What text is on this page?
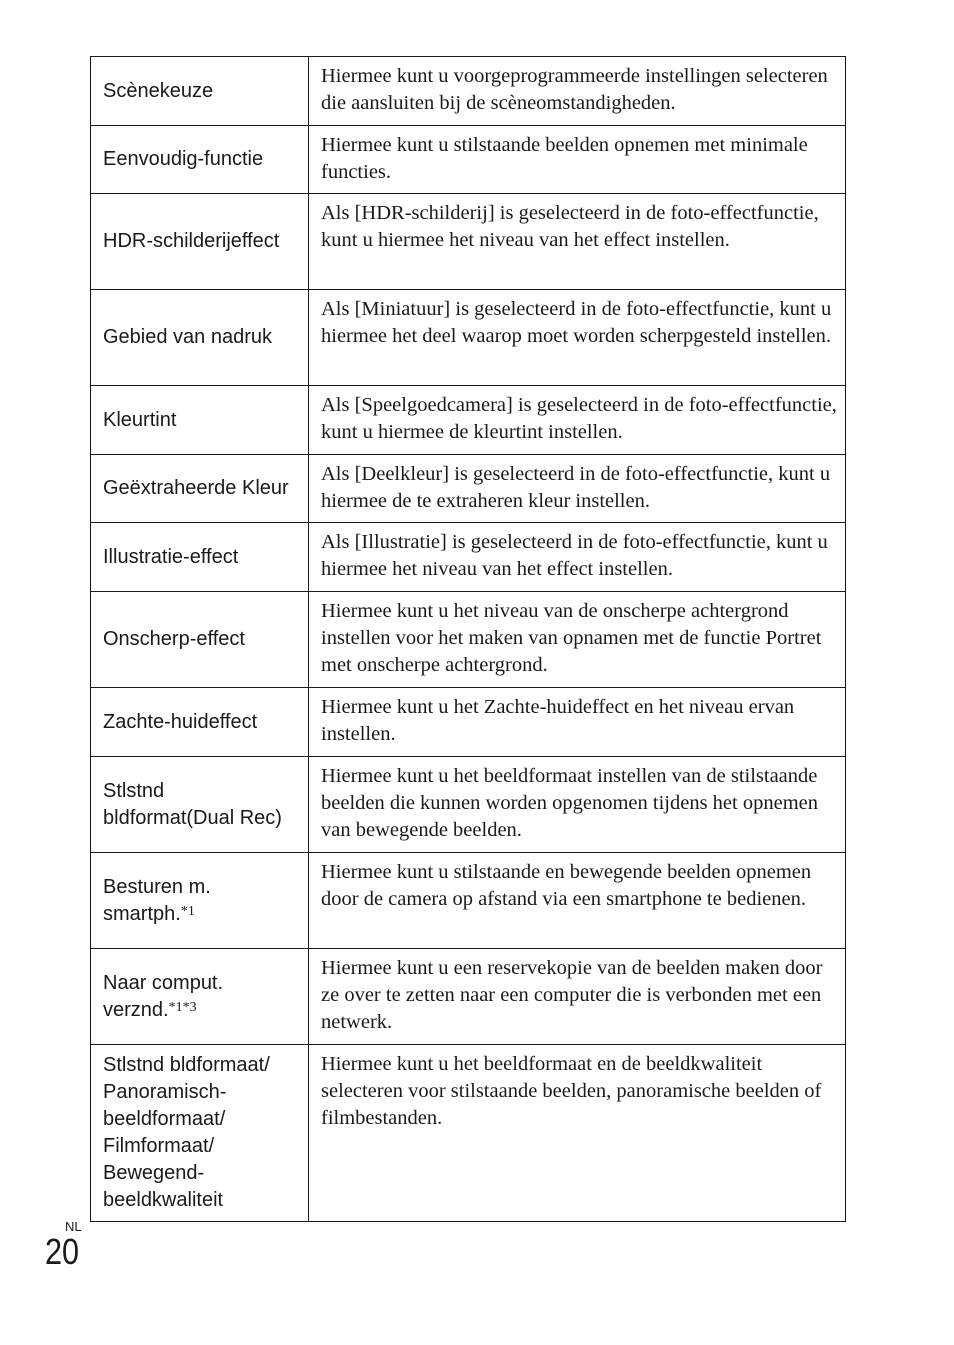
Scènekeuze	Hiermee kunt u voorgeprogrammeerde instellingen selecteren die aansluiten bij de scèneomstandigheden.

Eenvoudig-functie	Hiermee kunt u stilstaande beelden opnemen met minimale functies.

HDR-schilderijeffect	Als [HDR-schilderij] is geselecteerd in de foto-effectfunctie, kunt u hiermee het niveau van het effect instellen.

Gebied van nadruk	Als [Miniatuur] is geselecteerd in de foto-effectfunctie, kunt u hiermee het deel waarop moet worden scherpgesteld instellen.

Kleurtint	Als [Speelgoedcamera] is geselecteerd in de foto-effectfunctie, kunt u hiermee de kleurtint instellen.

Geëxtraheerde Kleur	Als [Deelkleur] is geselecteerd in de foto-effectfunctie, kunt u hiermee de te extraheren kleur instellen.

Illustratie-effect	Als [Illustratie] is geselecteerd in de foto-effectfunctie, kunt u hiermee het niveau van het effect instellen.

Onscherp-effect	Hiermee kunt u het niveau van de onscherpe achtergrond instellen voor het maken van opnamen met de functie Portret met onscherpe achtergrond.

Zachte-huideffect	Hiermee kunt u het Zachte-huideffect en het niveau ervan instellen.

Stlstnd bldformat(Dual Rec)	Hiermee kunt u het beeldformaat instellen van de stilstaande beelden die kunnen worden opgenomen tijdens het opnemen van bewegende beelden.

Besturen m. smartph.$^{*1}$	Hiermee kunt u stilstaande en bewegende beelden opnemen door de camera op afstand via een smartphone te bedienen.

Naar comput. verznd.$^{*1*3}$	Hiermee kunt u een reservekopie van de beelden maken door ze over te zetten naar een computer die is verbonden met een netwerk.

Stlstnd bldformaat/ Panoramisch-beeldformaat/ Filmformaat/ Bewegend-beeldkwaliteit	Hiermee kunt u het beeldformaat en de beeldkwaliteit selecteren voor stilstaande beelden, panoramische beelden of filmbestanden.
NL
20
